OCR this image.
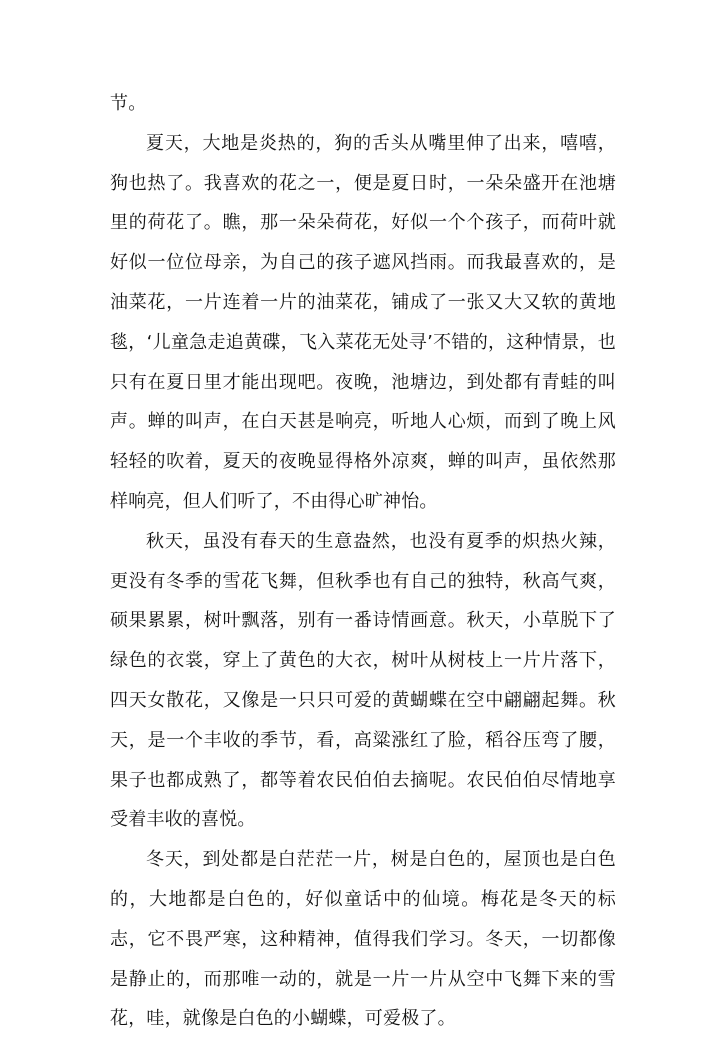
节。

夏天，大地是炎热的，狗的舌头从嘴里伸了出来，嘻嘻，狗也热了。我喜欢的花之一，便是夏日时，一朵朵盛开在池塘里的荷花了。瞧，那一朵朵荷花，好似一个个孩子，而荷叶就好似一位位母亲，为自己的孩子遮风挡雨。而我最喜欢的，是油菜花，一片连着一片的油菜花，铺成了一张又大又软的黄地毯，‘儿童急走追黄碟，飞入菜花无处寻’不错的，这种情景，也只有在夏日里才能出现吧。夜晚，池塘边，到处都有青蛙的叫声。蝉的叫声，在白天甚是响亮，听地人心烦，而到了晚上风轻轻的吹着，夏天的夜晚显得格外凉爽，蝉的叫声，虽依然那样响亮，但人们听了，不由得心旷神怡。

秋天，虽没有春天的生意盎然，也没有夏季的炽热火辣，更没有冬季的雪花飞舞，但秋季也有自己的独特，秋高气爽，硕果累累，树叶飘落，别有一番诗情画意。秋天，小草脱下了绿色的衣裳，穿上了黄色的大衣，树叶从树枝上一片片落下，四天女散花，又像是一只只可爱的黄蝴蝶在空中翩翩起舞。秋天，是一个丰收的季节，看，高粱涨红了脸，稻谷压弯了腰，果子也都成熟了，都等着农民伯伯去摘呢。农民伯伯尽情地享受着丰收的喜悦。

冬天，到处都是白茫茫一片，树是白色的，屋顶也是白色的，大地都是白色的，好似童话中的仙境。梅花是冬天的标志，它不畏严寒，这种精神，值得我们学习。冬天，一切都像是静止的，而那唯一动的，就是一片一片从空中飞舞下来的雪花，哇，就像是白色的小蝴蝶，可爱极了。
